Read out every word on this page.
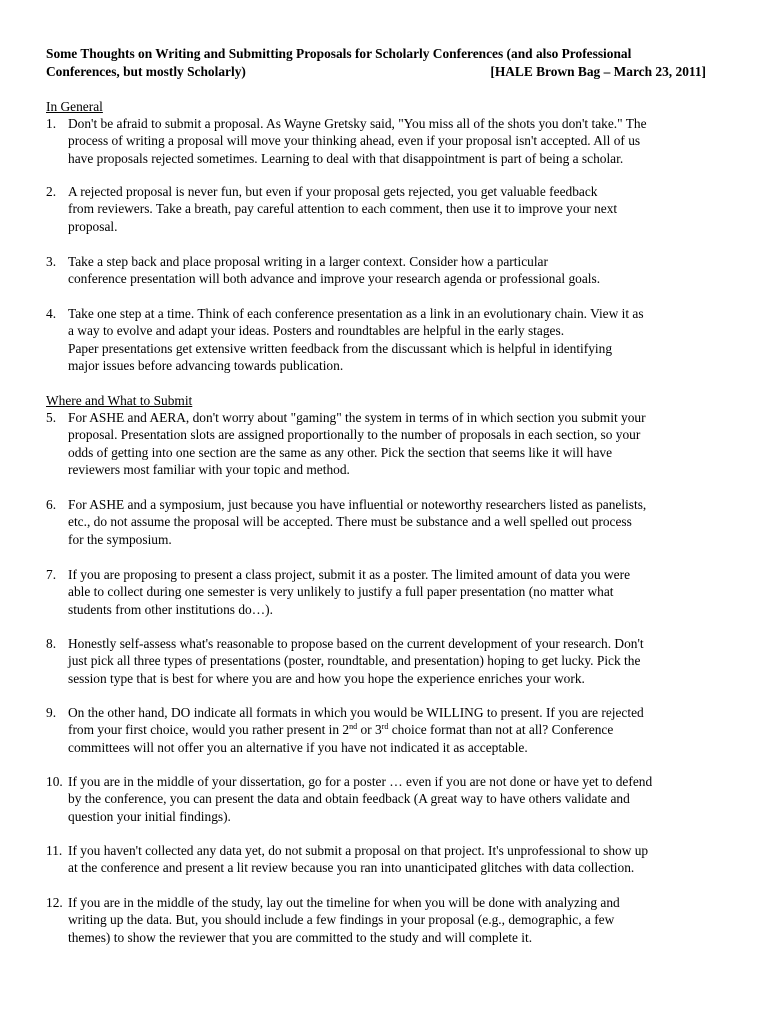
Some Thoughts on Writing and Submitting Proposals for Scholarly Conferences (and also Professional
Conferences, but mostly Scholarly)	[HALE Brown Bag – March 23, 2011]
In General
1. Don't be afraid to submit a proposal. As Wayne Gretsky said, "You miss all of the shots you don't take." The
process of writing a proposal will move your thinking ahead, even if your proposal isn't accepted. All of us
have proposals rejected sometimes. Learning to deal with that disappointment is part of being a scholar.
2. A rejected proposal is never fun, but even if your proposal gets rejected, you get valuable feedback
from reviewers. Take a breath, pay careful attention to each comment, then use it to improve your next
proposal.
3. Take a step back and place proposal writing in a larger context. Consider how a particular
conference presentation will both advance and improve your research agenda or professional goals.
4. Take one step at a time. Think of each conference presentation as a link in an evolutionary chain. View it as
a way to evolve and adapt your ideas. Posters and roundtables are helpful in the early stages.
Paper presentations get extensive written feedback from the discussant which is helpful in identifying
major issues before advancing towards publication.
Where and What to Submit
5. For ASHE and AERA, don't worry about "gaming" the system in terms of in which section you submit your
proposal. Presentation slots are assigned proportionally to the number of proposals in each section, so your
odds of getting into one section are the same as any other. Pick the section that seems like it will have
reviewers most familiar with your topic and method.
6. For ASHE and a symposium, just because you have influential or noteworthy researchers listed as panelists,
etc., do not assume the proposal will be accepted. There must be substance and a well spelled out process
for the symposium.
7. If you are proposing to present a class project, submit it as a poster. The limited amount of data you were
able to collect during one semester is very unlikely to justify a full paper presentation (no matter what
students from other institutions do…).
8. Honestly self-assess what's reasonable to propose based on the current development of your research. Don't
just pick all three types of presentations (poster, roundtable, and presentation) hoping to get lucky. Pick the
session type that is best for where you are and how you hope the experience enriches your work.
9. On the other hand, DO indicate all formats in which you would be WILLING to present. If you are rejected
from your first choice, would you rather present in 2nd or 3rd choice format than not at all? Conference
committees will not offer you an alternative if you have not indicated it as acceptable.
10. If you are in the middle of your dissertation, go for a poster … even if you are not done or have yet to defend
by the conference, you can present the data and obtain feedback (A great way to have others validate and
question your initial findings).
11. If you haven't collected any data yet, do not submit a proposal on that project. It's unprofessional to show up
at the conference and present a lit review because you ran into unanticipated glitches with data collection.
12. If you are in the middle of the study, lay out the timeline for when you will be done with analyzing and
writing up the data. But, you should include a few findings in your proposal (e.g., demographic, a few
themes) to show the reviewer that you are committed to the study and will complete it.
